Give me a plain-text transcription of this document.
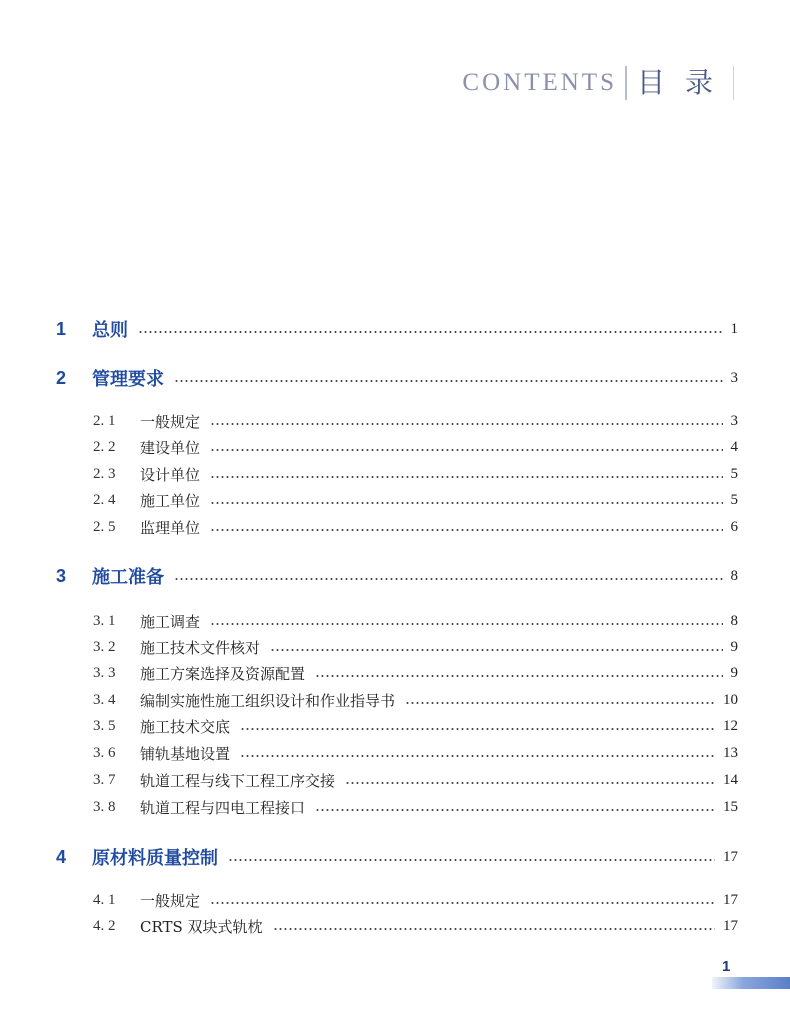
CONTENTS 目录
1 总则	1
2 管理要求	3
2. 1 一般规定	3
2. 2 建设单位	4
2. 3 设计单位	5
2. 4 施工单位	5
2. 5 监理单位	6
3 施工准备	8
3. 1 施工调查	8
3. 2 施工技术文件核对	9
3. 3 施工方案选择及资源配置	9
3. 4 编制实施性施工组织设计和作业指导书	10
3. 5 施工技术交底	12
3. 6 铺轨基地设置	13
3. 7 轨道工程与线下工程工序交接	14
3. 8 轨道工程与四电工程接口	15
4 原材料质量控制	17
4. 1 一般规定	17
4. 2 CRTS 双块式轨枕	17
1
